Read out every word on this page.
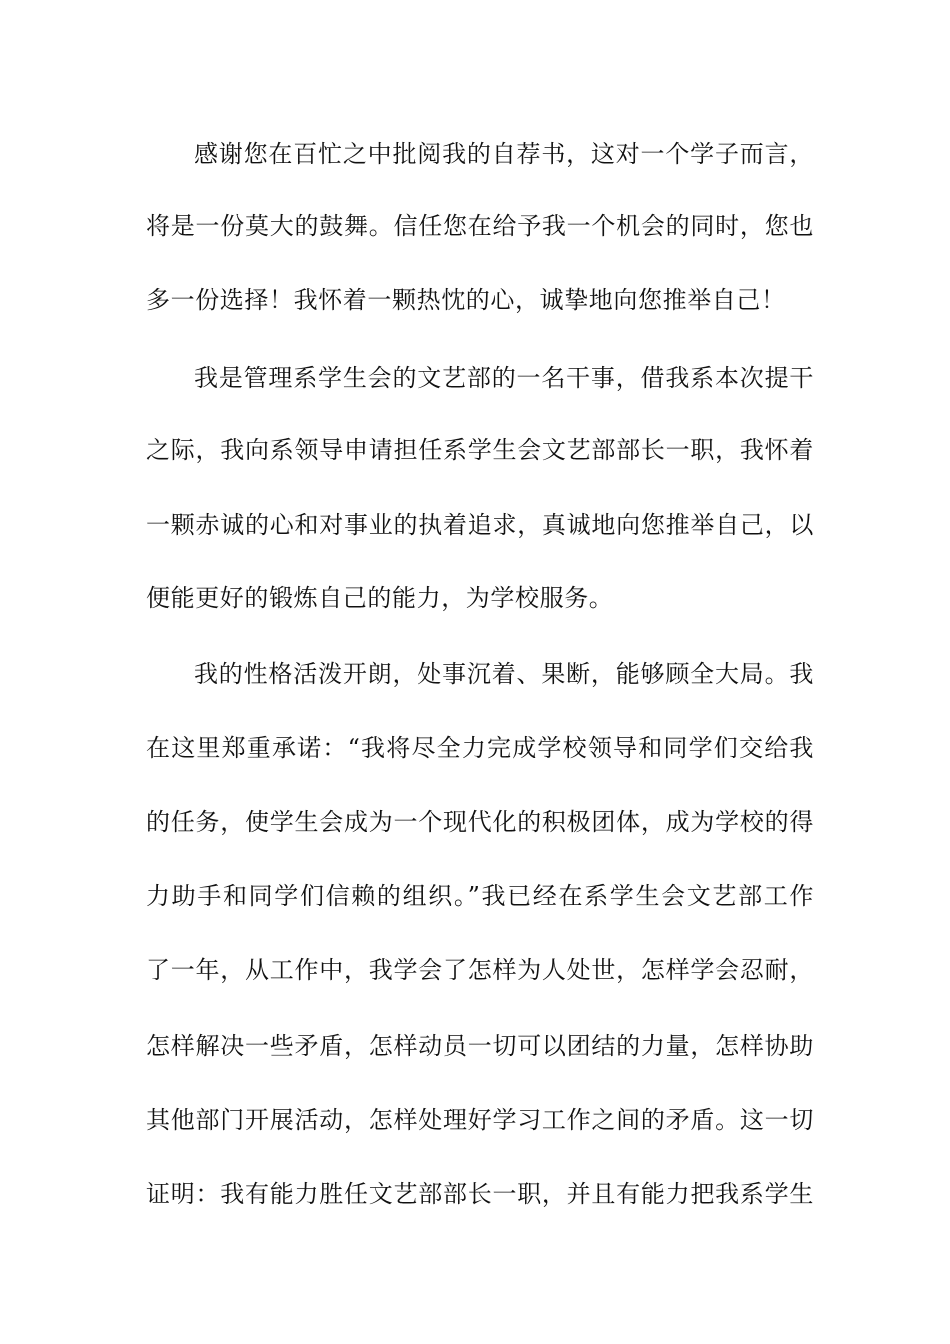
感谢您在百忙之中批阅我的自荐书，这对一个学子而言，
将是一份莫大的鼓舞。信任您在给予我一个机会的同时，您也
多一份选择！我怀着一颗热忱的心，诚挚地向您推举自己！
我是管理系学生会的文艺部的一名干事，借我系本次提干
之际，我向系领导申请担任系学生会文艺部部长一职，我怀着
一颗赤诚的心和对事业的执着追求，真诚地向您推举自己，以
便能更好的锻炼自己的能力，为学校服务。
我的性格活泼开朗，处事沉着、果断，能够顾全大局。我
在这里郑重承诺：“我将尽全力完成学校领导和同学们交给我
的任务，使学生会成为一个现代化的积极团体，成为学校的得
力助手和同学们信赖的组织。”我已经在系学生会文艺部工作
了一年，从工作中，我学会了怎样为人处世，怎样学会忍耐，
怎样解决一些矛盾，怎样动员一切可以团结的力量，怎样协助
其他部门开展活动，怎样处理好学习工作之间的矛盾。这一切
证明：我有能力胜任文艺部部长一职，并且有能力把我系学生
